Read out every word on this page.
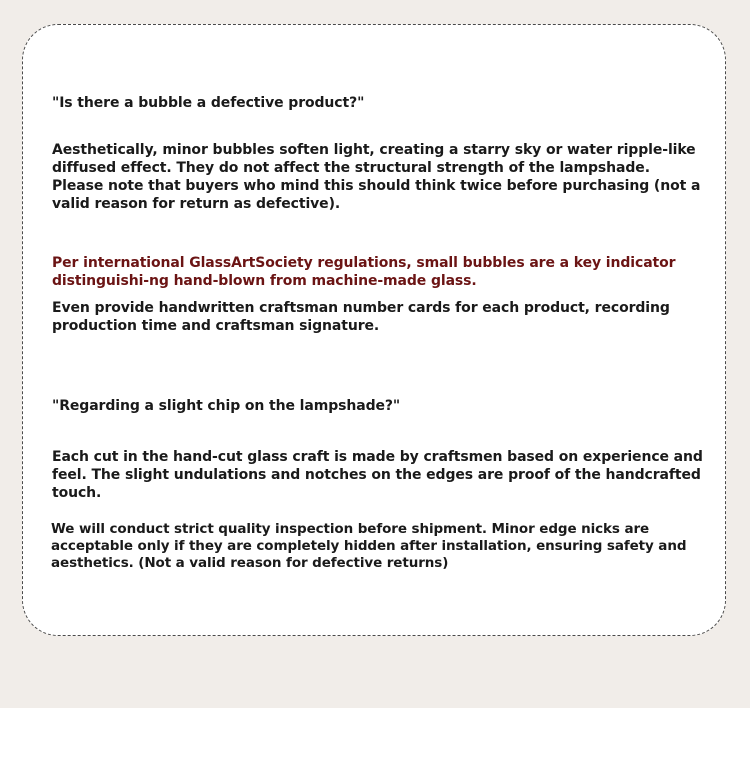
"Is there a bubble a defective product?"

Aesthetically, minor bubbles soften light, creating a starry sky or water ripple-like diffused effect. They do not affect the structural strength of the lampshade. Please note that buyers who mind this should think twice before purchasing (not a valid reason for return as defective).

Per international GlassArtSociety regulations, small bubbles are a key indicator distinguishi-ng hand-blown from machine-made glass.

Even provide handwritten craftsman number cards for each product, recording production time and craftsman signature.

"Regarding a slight chip on the lampshade?"

Each cut in the hand-cut glass craft is made by craftsmen based on experience and feel. The slight undulations and notches on the edges are proof of the handcrafted touch.

We will conduct strict quality inspection before shipment. Minor edge nicks are acceptable only if they are completely hidden after installation, ensuring safety and aesthetics. (Not a valid reason for defective returns)
